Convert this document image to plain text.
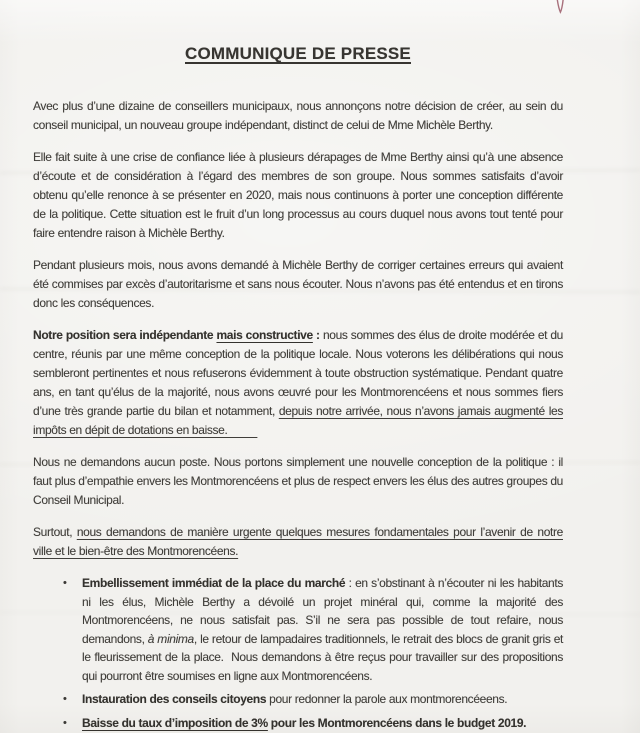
COMMUNIQUE DE PRESSE

Avec plus d’une dizaine de conseillers municipaux, nous annonçons notre décision de créer, au sein du conseil municipal, un nouveau groupe indépendant, distinct de celui de Mme Michèle Berthy.

Elle fait suite à une crise de confiance liée à plusieurs dérapages de Mme Berthy ainsi qu’à une absence d’écoute et de considération à l’égard des membres de son groupe. Nous sommes satisfaits d’avoir obtenu qu’elle renonce à se présenter en 2020, mais nous continuons à porter une conception différente de la politique. Cette situation est le fruit d’un long processus au cours duquel nous avons tout tenté pour faire entendre raison à Michèle Berthy.

Pendant plusieurs mois, nous avons demandé à Michèle Berthy de corriger certaines erreurs qui avaient été commises par excès d’autoritarisme et sans nous écouter. Nous n’avons pas été entendus et en tirons donc les conséquences.

Notre position sera indépendante mais constructive : nous sommes des élus de droite modérée et du centre, réunis par une même conception de la politique locale. Nous voterons les délibérations qui nous sembleront pertinentes et nous refuserons évidemment à toute obstruction systématique. Pendant quatre ans, en tant qu’élus de la majorité, nous avons œuvré pour les Montmorencéens et nous sommes fiers d’une très grande partie du bilan et notamment, depuis notre arrivée, nous n’avons jamais augmenté les impôts en dépit de dotations en baisse.

Nous ne demandons aucun poste. Nous portons simplement une nouvelle conception de la politique : il faut plus d’empathie envers les Montmorencéens et plus de respect envers les élus des autres groupes du Conseil Municipal.

Surtout, nous demandons de manière urgente quelques mesures fondamentales pour l’avenir de notre ville et le bien-être des Montmorencéens.

•	Embellissement immédiat de la place du marché : en s’obstinant à n’écouter ni les habitants ni les élus, Michèle Berthy a dévoilé un projet minéral qui, comme la majorité des Montmorencéens, ne nous satisfait pas. S’il ne sera pas possible de tout refaire, nous demandons, à minima, le retour de lampadaires traditionnels, le retrait des blocs de granit gris et le fleurissement de la place.  Nous demandons à être reçus pour travailler sur des propositions qui pourront être soumises en ligne aux Montmorencéens.
•	Instauration des conseils citoyens pour redonner la parole aux montmorencéeens.
•	Baisse du taux d’imposition de 3% pour les Montmorencéens dans le budget 2019.
